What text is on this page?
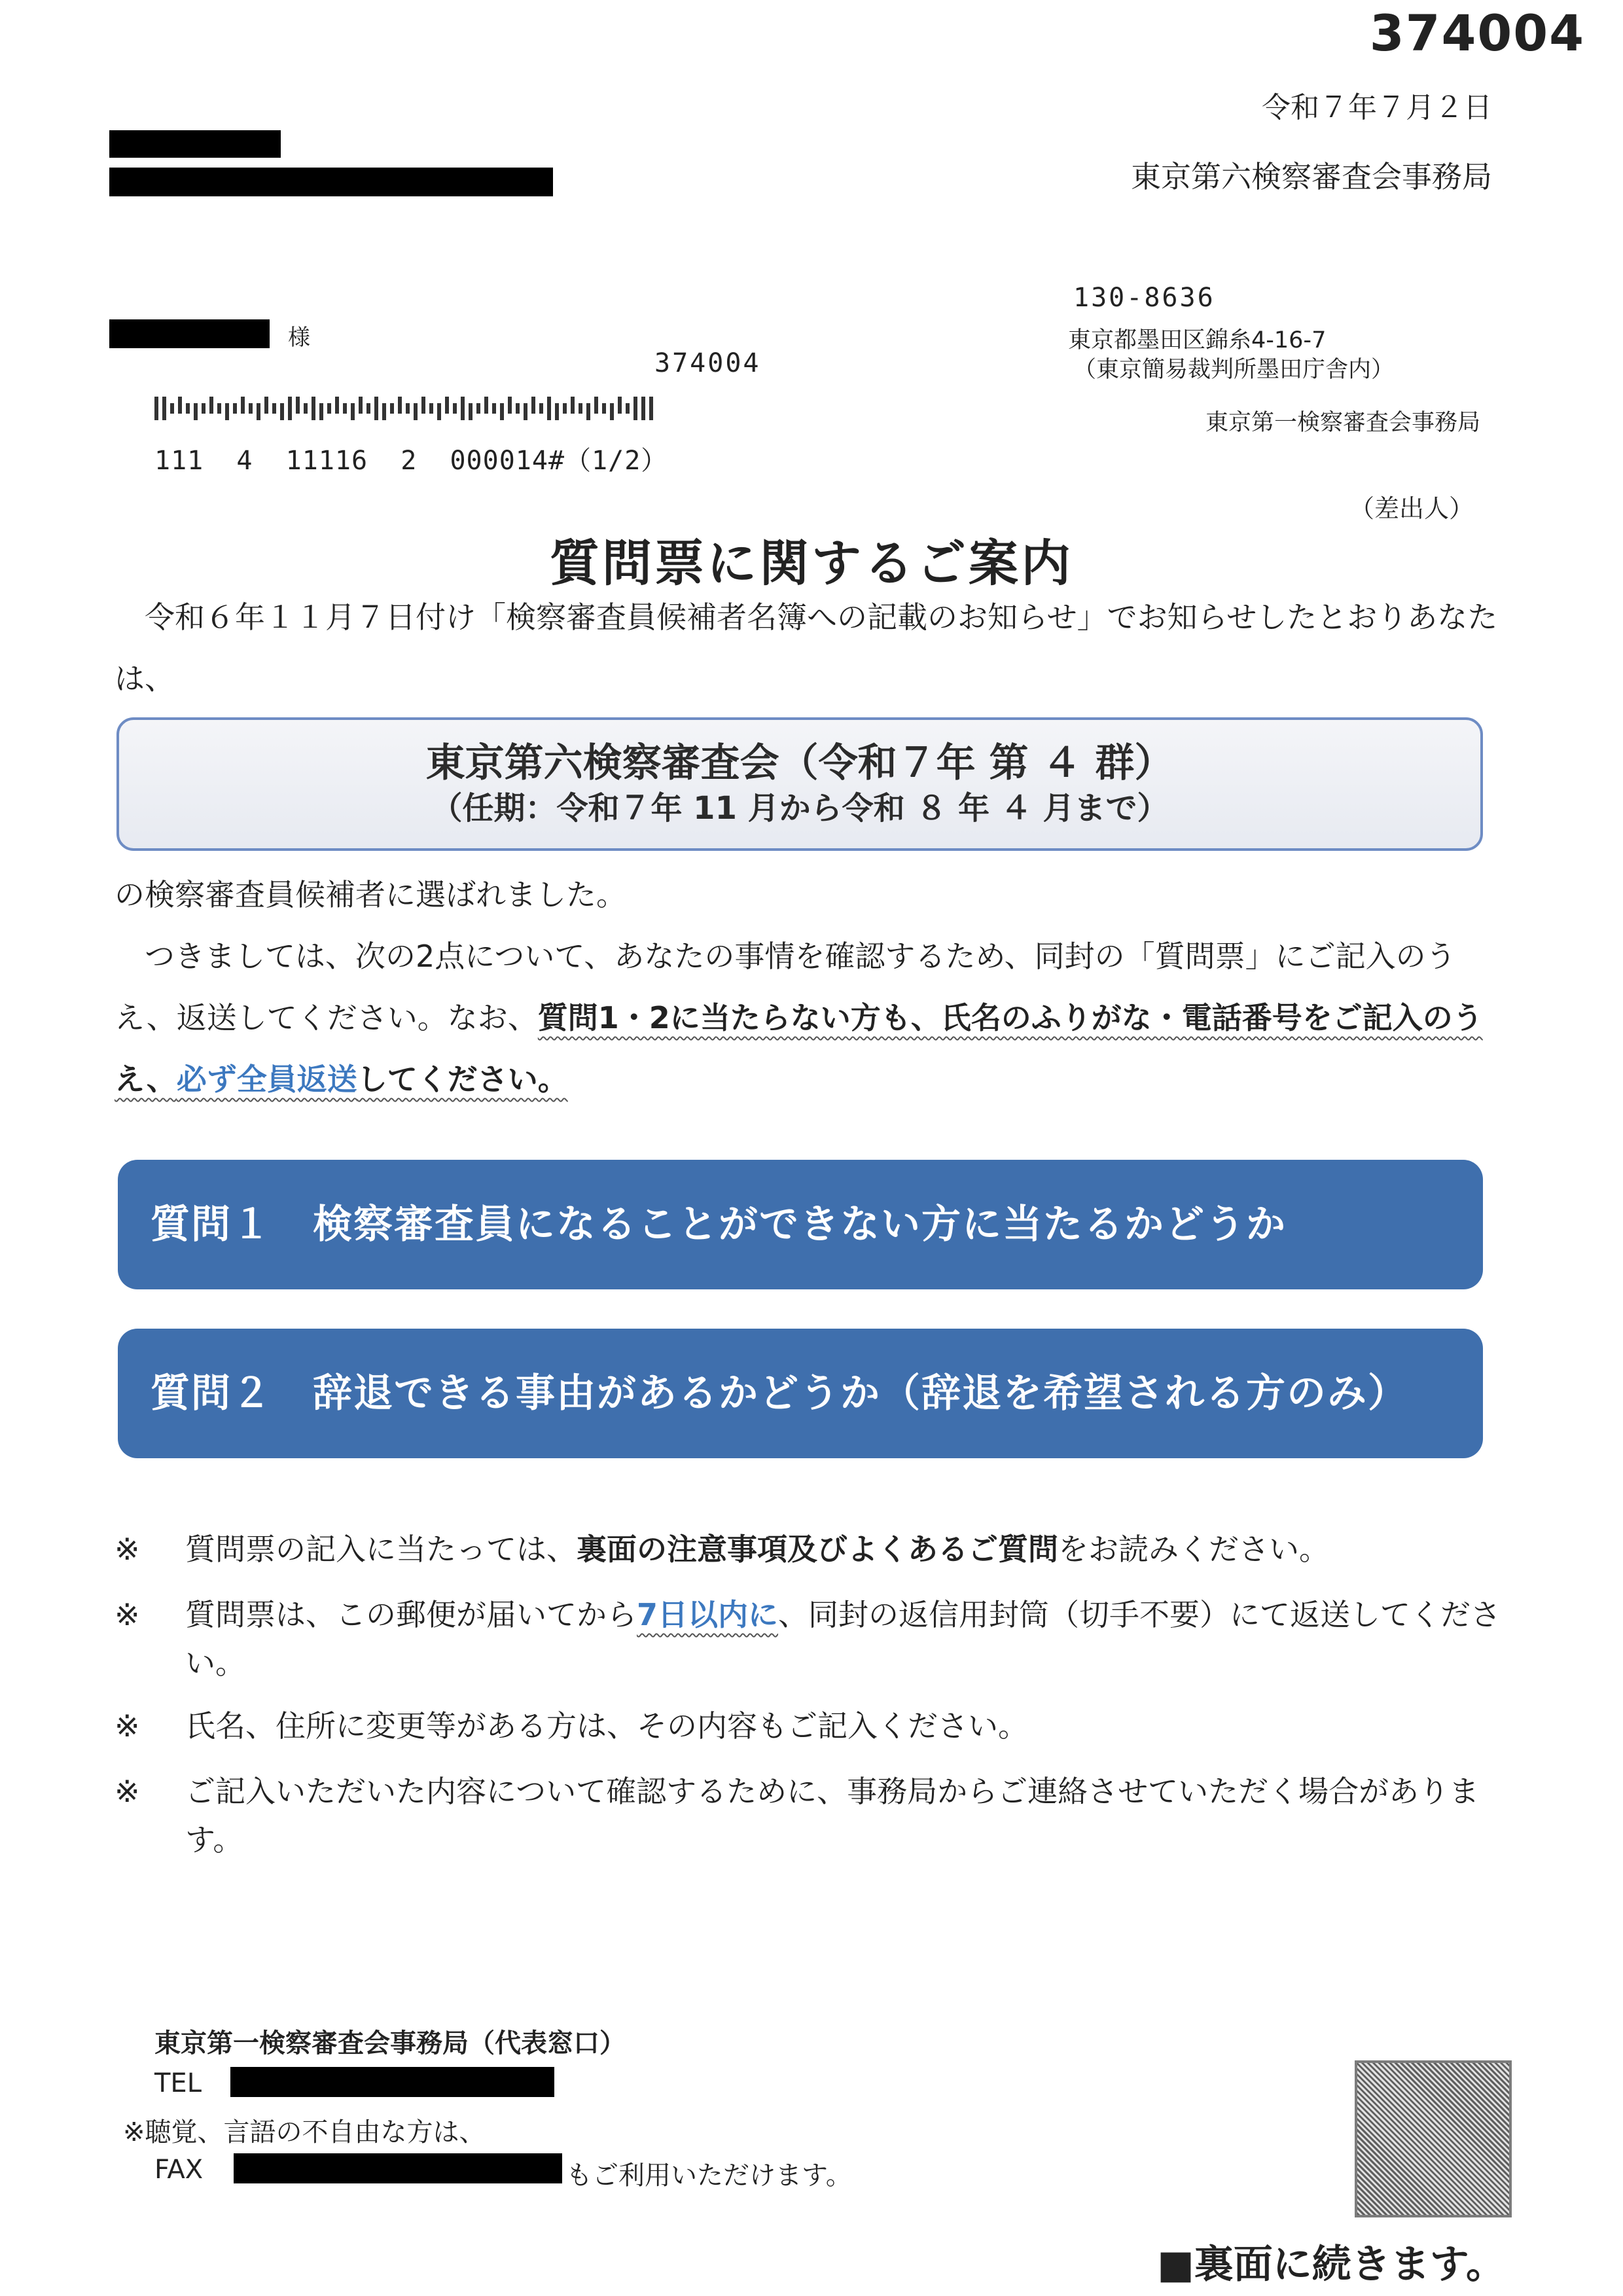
374004
令和７年７月２日
東京第六検察審査会事務局
様
374004
111  4  11116  2  000014#（1/2）
130-8636
東京都墨田区錦糸4-16-7
（東京簡易裁判所墨田庁舎内）
東京第一検察審査会事務局
（差出人）
質問票に関するご案内
　令和６年１１月７日付け「検察審査員候補者名簿への記載のお知らせ」でお知らせしたとおりあなたは、
東京第六検察審査会（令和７年 第 ４ 群）
（任期：令和７年 11 月から令和 ８ 年 ４ 月まで）
の検察審査員候補者に選ばれました。
　つきましては、次の2点について、あなたの事情を確認するため、同封の「質問票」にご記入のうえ、返送してください。なお、質問1・2に当たらない方も、氏名のふりがな・電話番号をご記入のうえ、必ず全員返送してください。
質問１　 検察審査員になることができない方に当たるかどうか
質問２　 辞退できる事由があるかどうか（辞退を希望される方のみ）
※ 質問票の記入に当たっては、裏面の注意事項及びよくあるご質問をお読みください。
※ 質問票は、この郵便が届いてから7日以内に、同封の返信用封筒（切手不要）にて返送してください。
※ 氏名、住所に変更等がある方は、その内容もご記入ください。
※ ご記入いただいた内容について確認するために、事務局からご連絡させていただく場合があります。
東京第一検察審査会事務局（代表窓口）
TEL
※聴覚、言語の不自由な方は、
FAX	もご利用いただけます。
■裏面に続きます。
